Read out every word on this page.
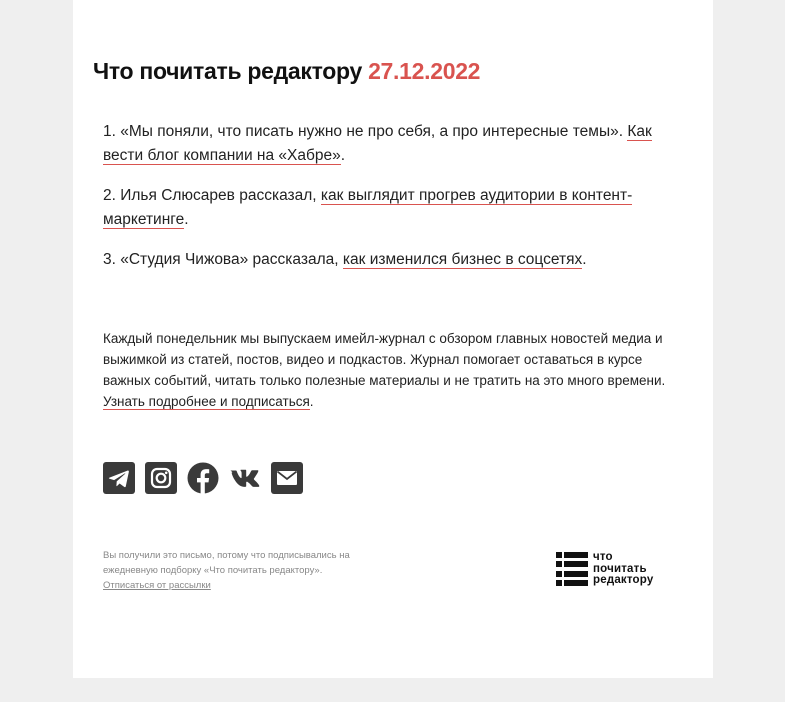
Что почитать редактору 27.12.2022

1. «Мы поняли, что писать нужно не про себя, а про интересные темы». Как вести блог компании на «Хабре».

2. Илья Слюсарев рассказал, как выглядит прогрев аудитории в контент-маркетинге.

3. «Студия Чижова» рассказала, как изменился бизнес в соцсетях.

Каждый понедельник мы выпускаем имейл-журнал с обзором главных новостей медиа и выжимкой из статей, постов, видео и подкастов. Журнал помогает оставаться в курсе важных событий, читать только полезные материалы и не тратить на это много времени. Узнать подробнее и подписаться.

Вы получили это письмо, потому что подписывались на ежедневную подборку «Что почитать редактору».
Отписаться от рассылки

что
почитать
редактору
